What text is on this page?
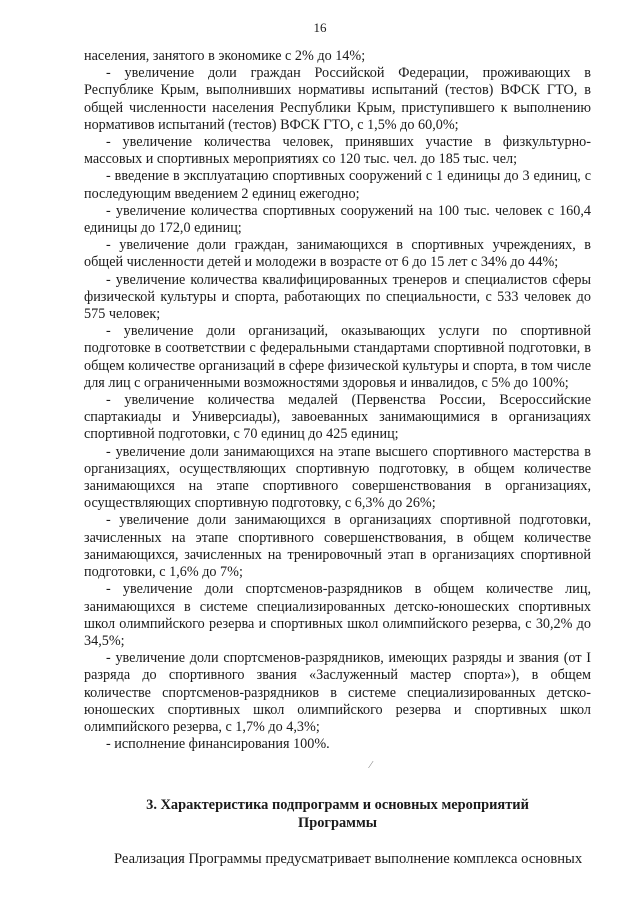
16

населения, занятого в экономике с 2% до 14%;

- увеличение доли граждан Российской Федерации, проживающих в Республике Крым, выполнивших нормативы испытаний (тестов) ВФСК ГТО, в общей численности населения Республики Крым, приступившего к выполнению нормативов испытаний (тестов) ВФСК ГТО, с 1,5% до 60,0%;

- увеличение количества человек, принявших участие в физкультурно-массовых и спортивных мероприятиях со 120 тыс. чел. до 185 тыс. чел;

- введение в эксплуатацию спортивных сооружений с 1 единицы до 3 единиц, с последующим введением 2 единиц ежегодно;

- увеличение количества спортивных сооружений на 100 тыс. человек с 160,4 единицы до 172,0 единиц;

- увеличение доли граждан, занимающихся в спортивных учреждениях, в общей численности детей и молодежи в возрасте от 6 до 15 лет с 34% до 44%;

- увеличение количества квалифицированных тренеров и специалистов сферы физической культуры и спорта, работающих по специальности, с 533 человек до 575 человек;

- увеличение доли организаций, оказывающих услуги по спортивной подготовке в соответствии с федеральными стандартами спортивной подготовки, в общем количестве организаций в сфере физической культуры и спорта, в том числе для лиц с ограниченными возможностями здоровья и инвалидов, с 5% до 100%;

- увеличение количества медалей (Первенства России, Всероссийские спартакиады и Универсиады), завоеванных занимающимися в организациях спортивной подготовки, с 70 единиц до 425 единиц;

- увеличение доли занимающихся на этапе высшего спортивного мастерства в организациях, осуществляющих спортивную подготовку, в общем количестве занимающихся на этапе спортивного совершенствования в организациях, осуществляющих спортивную подготовку, с 6,3% до 26%;

- увеличение доли занимающихся в организациях спортивной подготовки, зачисленных на этапе спортивного совершенствования, в общем количестве занимающихся, зачисленных на тренировочный этап в организациях спортивной подготовки, с 1,6% до 7%;

- увеличение доли спортсменов-разрядников в общем количестве лиц, занимающихся в системе специализированных детско-юношеских спортивных школ олимпийского резерва и спортивных школ олимпийского резерва, с 30,2% до 34,5%;

- увеличение доли спортсменов-разрядников, имеющих разряды и звания (от I разряда до спортивного звания «Заслуженный мастер спорта»), в общем количестве спортсменов-разрядников в системе специализированных детско-юношеских спортивных школ олимпийского резерва и спортивных школ олимпийского резерва, с 1,7% до 4,3%;

- исполнение финансирования 100%.

⁄
3. Характеристика подпрограмм и основных мероприятий
Программы

Реализация Программы предусматривает выполнение комплекса основных
